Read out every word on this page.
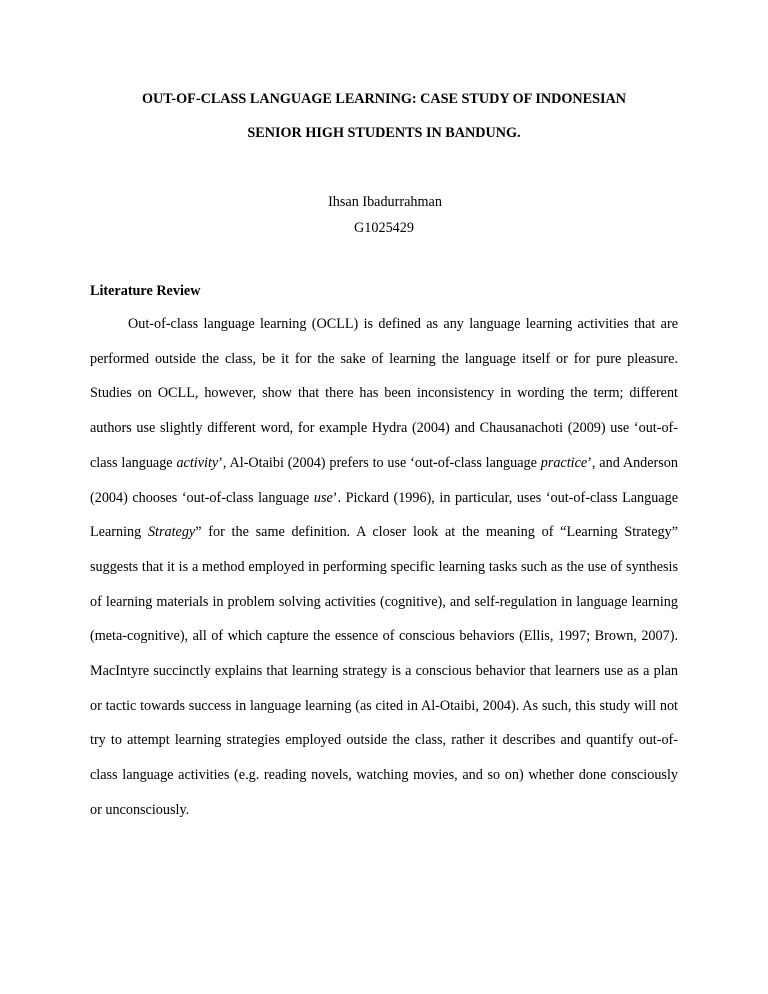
OUT-OF-CLASS LANGUAGE LEARNING: CASE STUDY OF INDONESIAN
SENIOR HIGH STUDENTS IN BANDUNG.
Ihsan Ibadurrahman
G1025429
Literature Review

Out-of-class language learning (OCLL) is defined as any language learning activities that are performed outside the class, be it for the sake of learning the language itself or for pure pleasure. Studies on OCLL, however, show that there has been inconsistency in wording the term; different authors use slightly different word, for example Hydra (2004) and Chausanachoti (2009) use ‘out-of-class language activity’, Al-Otaibi (2004) prefers to use ‘out-of-class language practice’, and Anderson (2004) chooses ‘out-of-class language use’. Pickard (1996), in particular, uses ‘out-of-class Language Learning Strategy” for the same definition. A closer look at the meaning of “Learning Strategy” suggests that it is a method employed in performing specific learning tasks such as the use of synthesis of learning materials in problem solving activities (cognitive), and self-regulation in language learning (meta-cognitive), all of which capture the essence of conscious behaviors (Ellis, 1997; Brown, 2007). MacIntyre succinctly explains that learning strategy is a conscious behavior that learners use as a plan or tactic towards success in language learning (as cited in Al-Otaibi, 2004). As such, this study will not try to attempt learning strategies employed outside the class, rather it describes and quantify out-of-class language activities (e.g. reading novels, watching movies, and so on) whether done consciously or unconsciously.
